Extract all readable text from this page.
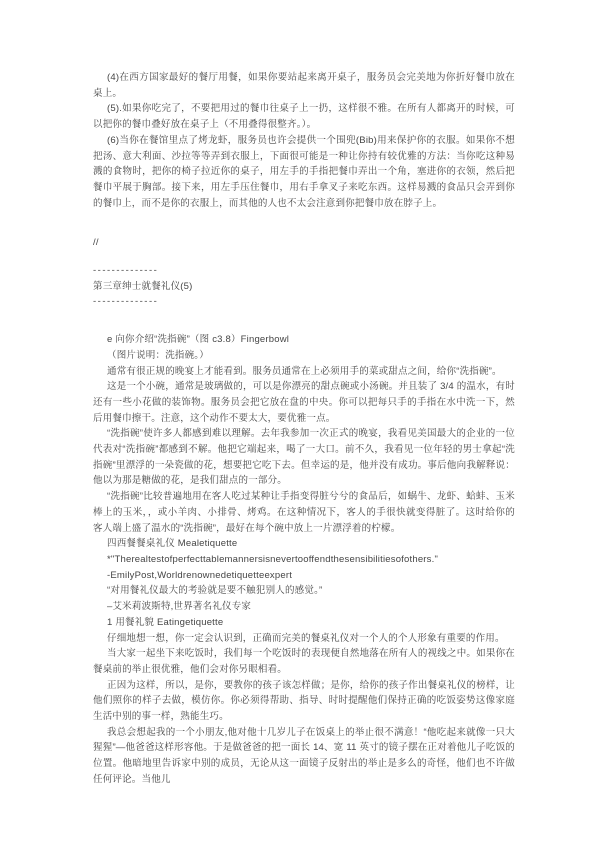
(4)在西方国家最好的餐厅用餐，如果你要站起来离开桌子，服务员会完美地为你折好餐巾放在桌上。

(5).如果你吃完了，不要把用过的餐巾往桌子上一扔，这样很不雅。在所有人都离开的时候，可以把你的餐巾叠好放在桌子上（不用叠得很整齐。）。

(6)当你在餐馆里点了烤龙虾，服务员也许会提供一个围兜(Bib)用来保护你的衣服。如果你不想把汤、意大利面、沙拉等等弄到衣服上，下面很可能是一种让你持有较优雅的方法：当你吃这种易溅的食物时，把你的椅子拉近你的桌子，用左手的手指把餐巾弄出一个角，塞进你的衣领，然后把餐巾平展于胸部。接下来，用左手压住餐巾，用右手拿叉子来吃东西。这样易溅的食品只会弄到你的餐巾上，而不是你的衣服上，而其他的人也不太会注意到你把餐巾放在脖子上。

//

--------------

第三章绅士就餐礼仪(5)

--------------

e 向你介绍“洗指碗”（图 c3.8）Fingerbowl

（图片说明：洗指碗。）

通常有很正规的晚宴上才能看到。服务员通常在上必须用手的菜或甜点之间，给你“洗指碗”。

这是一个小碗，通常是玻璃做的，可以是你漂亮的甜点碗或小汤碗。并且装了 3/4 的温水，有时还有一些小花做的装饰物。服务员会把它放在盘的中央。你可以把每只手的手指在水中洗一下，然后用餐巾擦干。注意，这个动作不要太大，要优雅一点。

“洗指碗”使许多人都感到难以理解。去年我参加一次正式的晚宴，我看见美国最大的企业的一位代表对“洗指碗”都感到不解。他把它端起来，喝了一大口。前不久，我看见一位年轻的男士拿起“洗指碗”里漂浮的一朵瓷做的花，想要把它吃下去。但幸运的是，他并没有成功。事后他向我解释说：他以为那是糖做的花，是我们甜点的一部分。

“洗指碗”比较普遍地用在客人吃过某种让手指变得脏兮兮的食品后，如蜗牛、龙虾、蛤蚌、玉米棒上的玉米，，或小羊肉、小排骨、烤鸡。在这种情况下，客人的手很快就变得脏了。这时给你的客人端上盛了温水的“洗指碗”，最好在每个碗中放上一片漂浮着的柠檬。

四西餐餐桌礼仪 Mealetiquette

*"Therealtestofperfecttablemannersisnevertooffendthesensibilitiesofothers."

-EmilyPost,Worldrenownedetiquetteexpert

“对用餐礼仪最大的考验就是要不触犯别人的感觉。”

–艾米莉波斯特,世界著名礼仪专家

1 用餐礼貌 Eatingetiquette

仔细地想一想，你一定会认识到，正确而完美的餐桌礼仪对一个人的个人形象有重要的作用。

当大家一起坐下来吃饭时，我们每一个吃饭时的表现便自然地落在所有人的视线之中。如果你在餐桌前的举止很优雅，他们会对你另眼相看。

正因为这样，所以，是你，要教你的孩子该怎样做；是你，给你的孩子作出餐桌礼仪的榜样，让他们照你的样子去做，模仿你。你必须得帮助、指导、时时提醒他们保持正确的吃饭姿势这像家庭生活中别的事一样，熟能生巧。

我总会想起我的一个小朋友,他对他十几岁儿子在饭桌上的举止很不满意！“他吃起来就像一只大猩猩”—他爸爸这样形容他。于是做爸爸的把一面长 14、宽 11 英寸的镜子摆在正对着他儿子吃饭的位置。他暗地里告诉家中别的成员，无论从这一面镜子反射出的举止是多么的奇怪，他们也不许做任何评论。当他儿
